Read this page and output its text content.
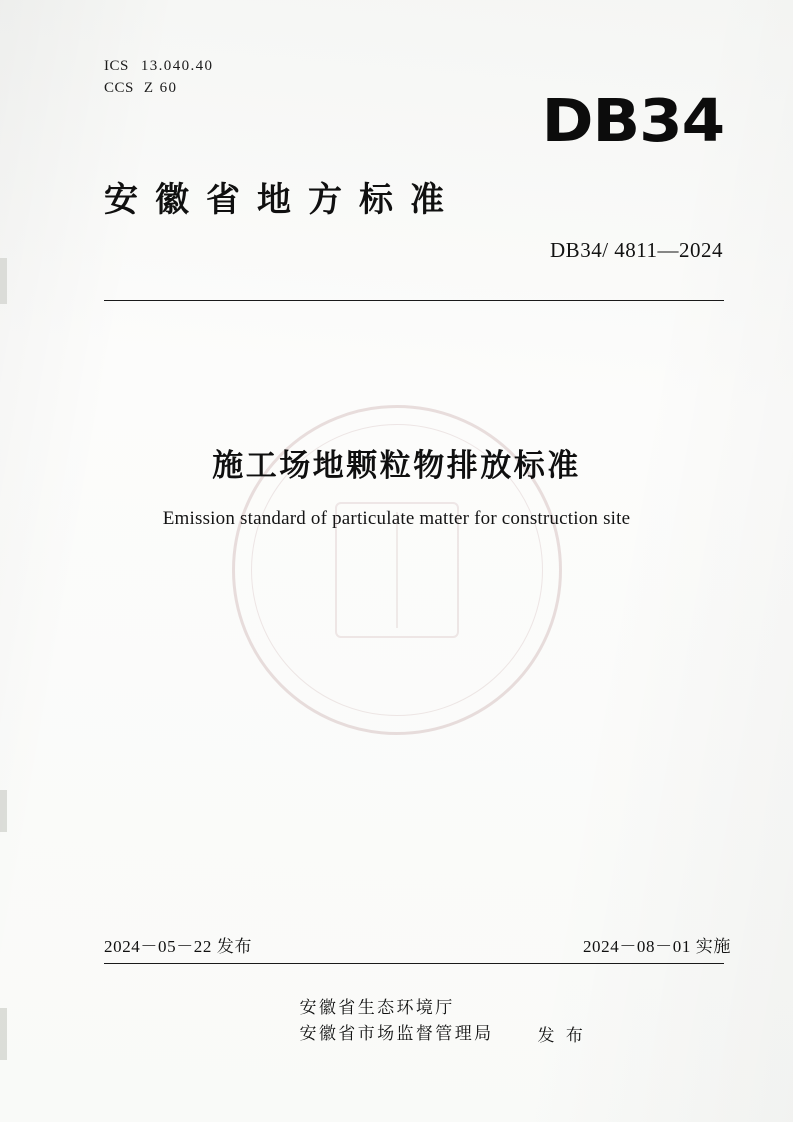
ICS 13.040.40
CCS Z 60	DB34
安徽省地方标准
DB34/ 4811—2024
施工场地颗粒物排放标准
Emission standard of particulate matter for construction site
2024－05－22 发布	2024－08－01 实施
安徽省生态环境厅
安徽省市场监督管理局	发 布
